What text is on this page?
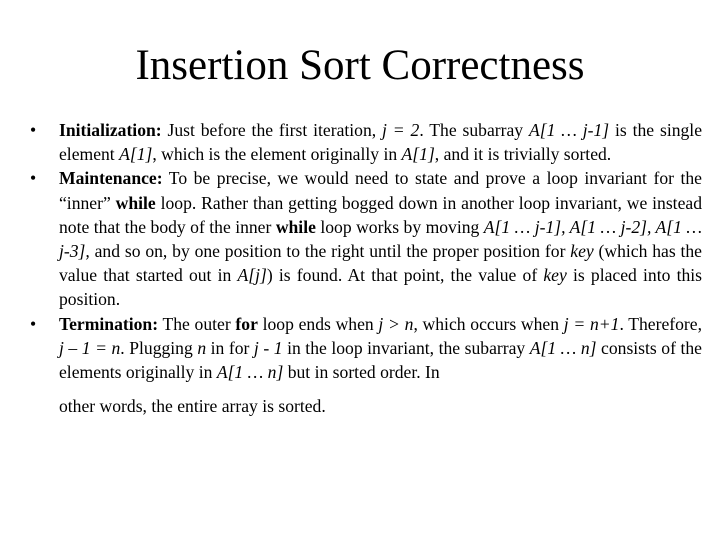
Insertion Sort Correctness
• Initialization: Just before the first iteration, j = 2. The subarray A[1 … j-1] is the single element A[1], which is the element originally in A[1], and it is trivially sorted.
• Maintenance: To be precise, we would need to state and prove a loop invariant for the “inner” while loop. Rather than getting bogged down in another loop invariant, we instead note that the body of the inner while loop works by moving A[1 … j-1], A[1 … j-2], A[1 … j-3], and so on, by one position to the right until the proper position for key (which has the value that started out in A[j]) is found. At that point, the value of key is placed into this position.
• Termination: The outer for loop ends when j > n, which occurs when j = n+1. Therefore, j – 1 = n. Plugging n in for j - 1 in the loop invariant, the subarray A[1 … n] consists of the elements originally in A[1 … n] but in sorted order. In
other words, the entire array is sorted.
